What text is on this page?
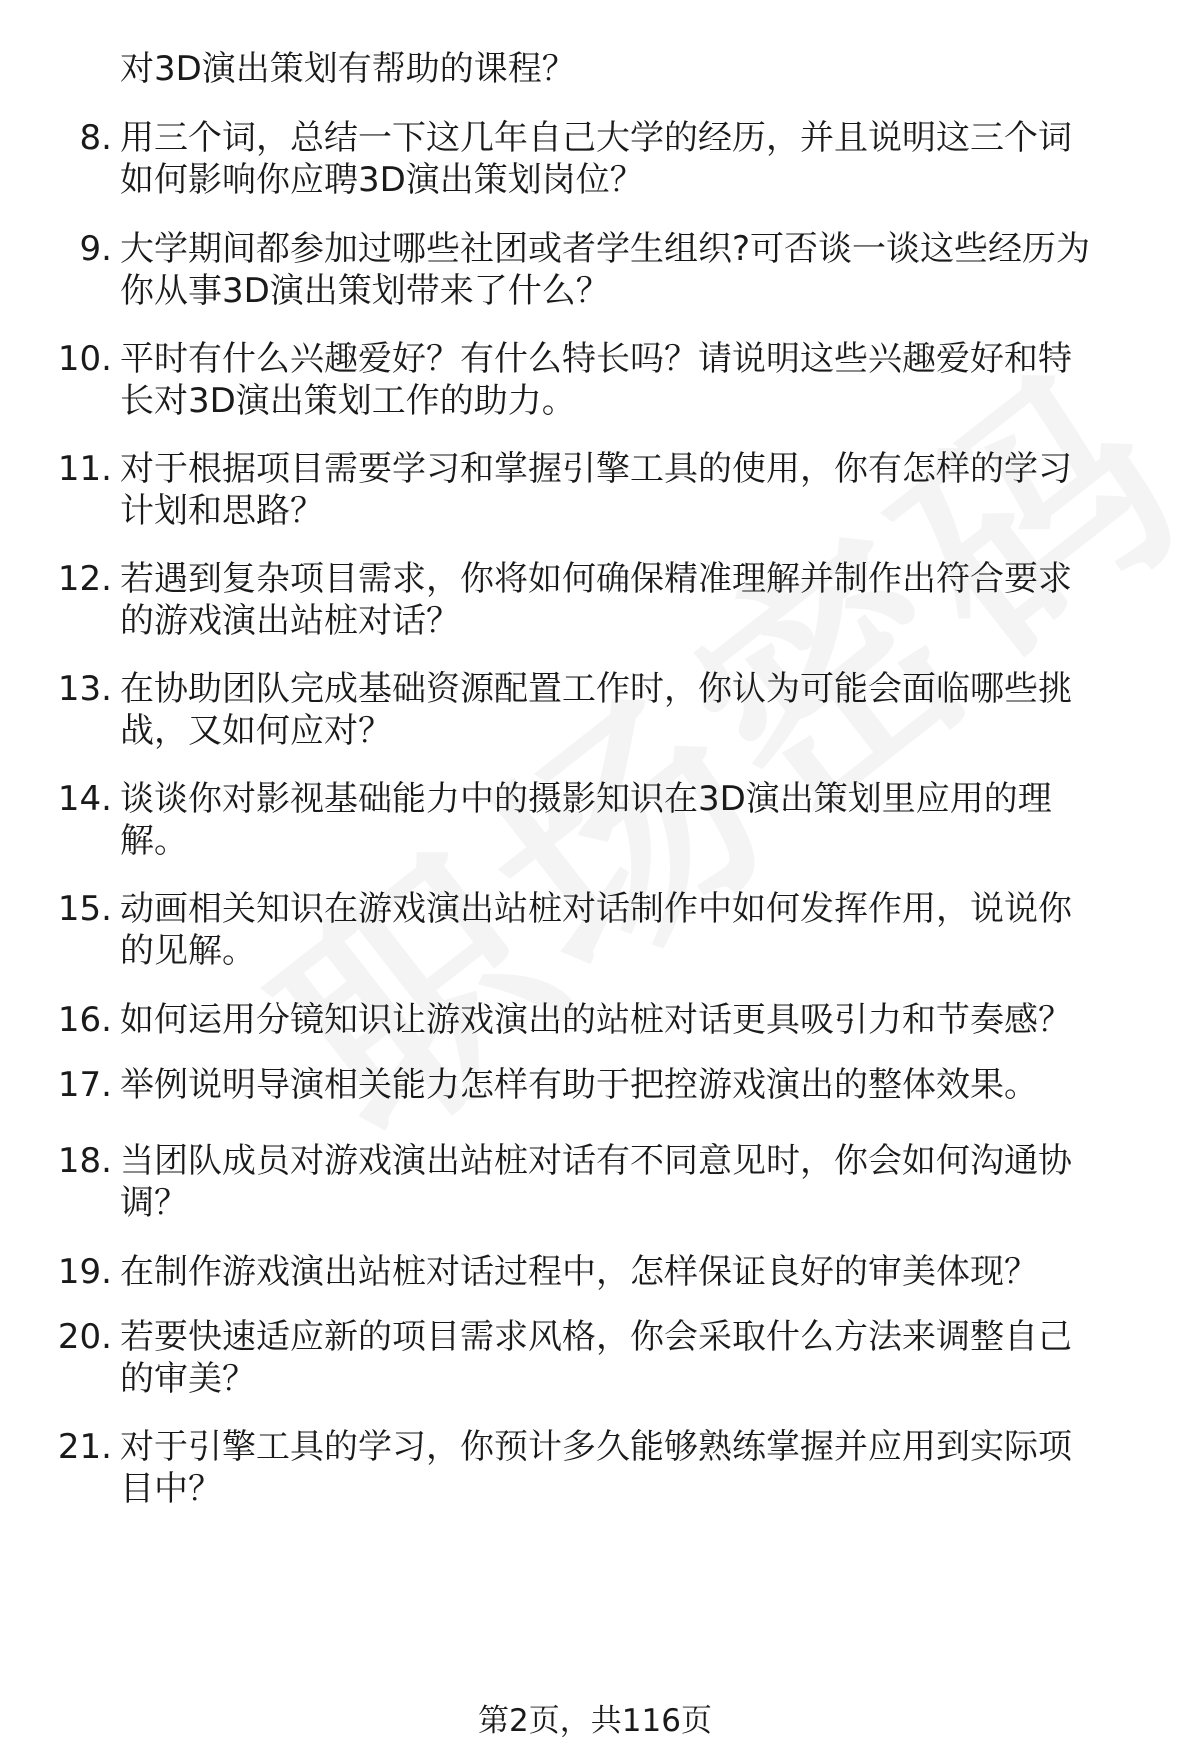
对3D演出策划有帮助的课程？
8. 用三个词，总结一下这几年自己大学的经历，并且说明这三个词
如何影响你应聘3D演出策划岗位？
9. 大学期间都参加过哪些社团或者学生组织?可否谈一谈这些经历为
你从事3D演出策划带来了什么？
10. 平时有什么兴趣爱好？有什么特长吗？请说明这些兴趣爱好和特
长对3D演出策划工作的助力。
11. 对于根据项目需要学习和掌握引擎工具的使用，你有怎样的学习
计划和思路？
12. 若遇到复杂项目需求，你将如何确保精准理解并制作出符合要求
的游戏演出站桩对话？
13. 在协助团队完成基础资源配置工作时，你认为可能会面临哪些挑
战，又如何应对？
14. 谈谈你对影视基础能力中的摄影知识在3D演出策划里应用的理
解。
15. 动画相关知识在游戏演出站桩对话制作中如何发挥作用，说说你
的见解。
16. 如何运用分镜知识让游戏演出的站桩对话更具吸引力和节奏感？
17. 举例说明导演相关能力怎样有助于把控游戏演出的整体效果。
18. 当团队成员对游戏演出站桩对话有不同意见时，你会如何沟通协
调？
19. 在制作游戏演出站桩对话过程中，怎样保证良好的审美体现？
20. 若要快速适应新的项目需求风格，你会采取什么方法来调整自己
的审美？
21. 对于引擎工具的学习，你预计多久能够熟练掌握并应用到实际项
目中？
第2页，共116页
